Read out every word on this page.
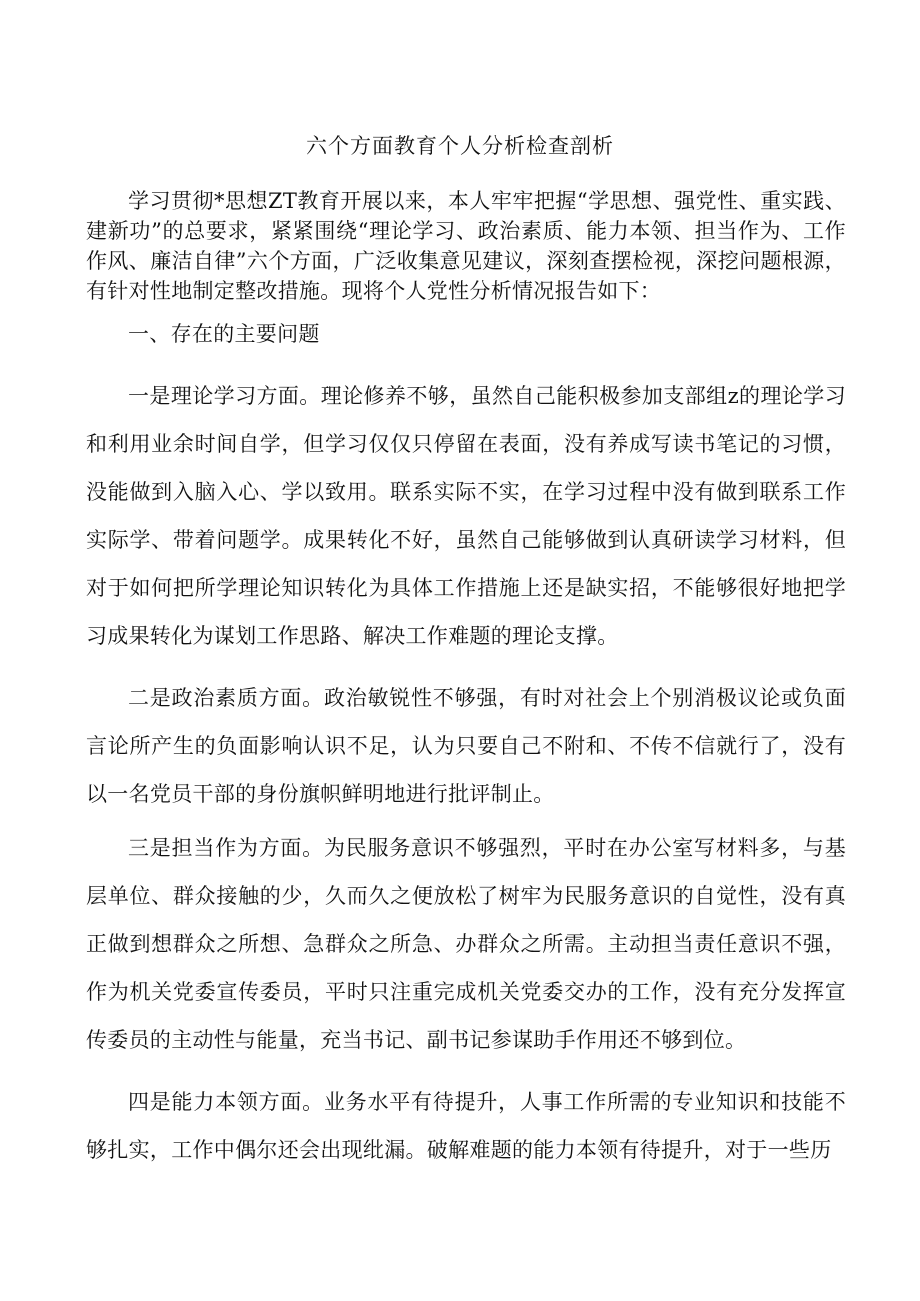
六个方面教育个人分析检查剖析

学习贯彻*思想ZT教育开展以来，本人牢牢把握“学思想、强党性、重实践、建新功”的总要求，紧紧围绕“理论学习、政治素质、能力本领、担当作为、工作作风、廉洁自律”六个方面，广泛收集意见建议，深刻查摆检视，深挖问题根源，有针对性地制定整改措施。现将个人党性分析情况报告如下：

一、存在的主要问题

一是理论学习方面。理论修养不够，虽然自己能积极参加支部组z的理论学习和利用业余时间自学，但学习仅仅只停留在表面，没有养成写读书笔记的习惯，没能做到入脑入心、学以致用。联系实际不实，在学习过程中没有做到联系工作实际学、带着问题学。成果转化不好，虽然自己能够做到认真研读学习材料，但对于如何把所学理论知识转化为具体工作措施上还是缺实招，不能够很好地把学习成果转化为谋划工作思路、解决工作难题的理论支撑。

二是政治素质方面。政治敏锐性不够强，有时对社会上个别消极议论或负面言论所产生的负面影响认识不足，认为只要自己不附和、不传不信就行了，没有以一名党员干部的身份旗帜鲜明地进行批评制止。

三是担当作为方面。为民服务意识不够强烈，平时在办公室写材料多，与基层单位、群众接触的少，久而久之便放松了树牢为民服务意识的自觉性，没有真正做到想群众之所想、急群众之所急、办群众之所需。主动担当责任意识不强，作为机关党委宣传委员，平时只注重完成机关党委交办的工作，没有充分发挥宣传委员的主动性与能量，充当书记、副书记参谋助手作用还不够到位。

四是能力本领方面。业务水平有待提升，人事工作所需的专业知识和技能不够扎实，工作中偶尔还会出现纰漏。破解难题的能力本领有待提升，对于一些历
